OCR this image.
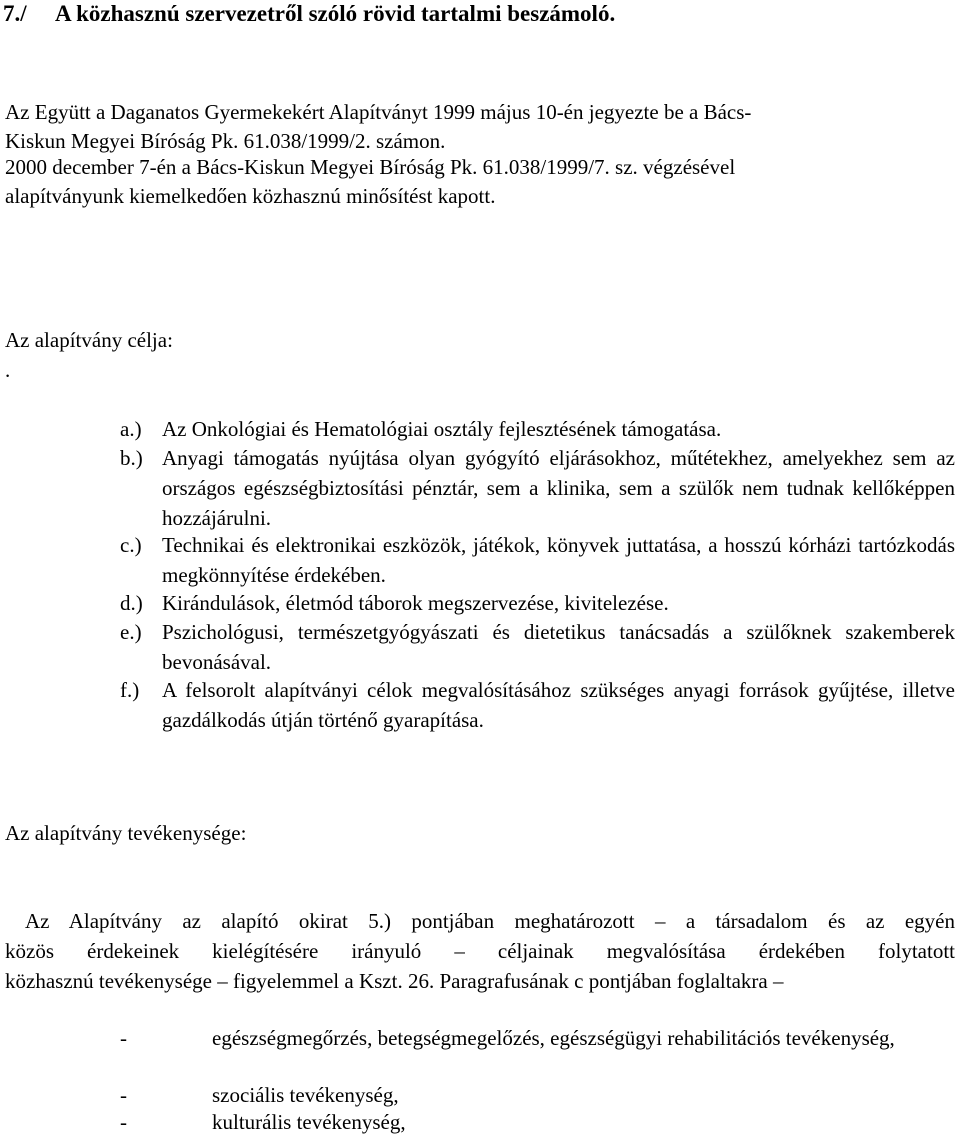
7./ A közhasznú szervezetről szóló rövid tartalmi beszámoló.
Az Együtt a Daganatos Gyermekekért Alapítványt 1999 május 10-én jegyezte be a Bács-
Kiskun Megyei Bíróság Pk. 61.038/1999/2. számon.
2000 december 7-én a Bács-Kiskun Megyei Bíróság Pk. 61.038/1999/7. sz. végzésével
alapítványunk kiemelkedően közhasznú minősítést kapott.
Az alapítvány célja:
.
a.) Az Onkológiai és Hematológiai osztály fejlesztésének támogatása.
b.) Anyagi támogatás nyújtása olyan gyógyító eljárásokhoz, műtétekhez, amelyekhez sem az országos egészségbiztosítási pénztár, sem a klinika, sem a szülők nem tudnak kellőképpen hozzájárulni.
c.) Technikai és elektronikai eszközök, játékok, könyvek juttatása, a hosszú kórházi tartózkodás megkönnyítése érdekében.
d.) Kirándulások, életmód táborok megszervezése, kivitelezése.
e.) Pszichológusi, természetgyógyászati és dietetikus tanácsadás a szülőknek szakemberek bevonásával.
f.) A felsorolt alapítványi célok megvalósításához szükséges anyagi források gyűjtése, illetve gazdálkodás útján történő gyarapítása.
Az alapítvány tevékenysége:
Az Alapítvány az alapító okirat 5.) pontjában meghatározott – a társadalom és az egyén
közös érdekeinek kielégítésére irányuló – céljainak megvalósítása érdekében folytatott
közhasznú tevékenysége – figyelemmel a Kszt. 26. Paragrafusának c pontjában foglaltakra –
-	egészségmegőrzés, betegségmegelőzés, egészségügyi rehabilitációs tevékenység,
-	szociális tevékenység,
-	kulturális tevékenység,
